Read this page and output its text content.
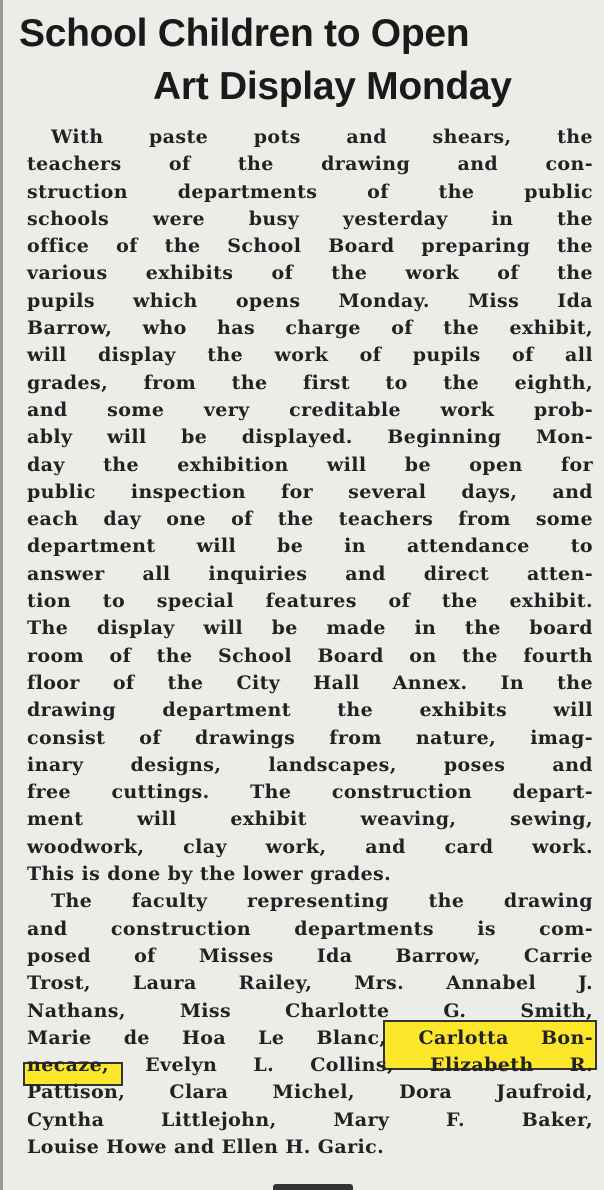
School Children to Open
Art Display Monday
With paste pots and shears, the
teachers of the drawing and con-
struction departments of the public
schools were busy yesterday in the
office of the School Board preparing the
various exhibits of the work of the
pupils which opens Monday. Miss Ida
Barrow, who has charge of the exhibit,
will display the work of pupils of all
grades, from the first to the eighth,
and some very creditable work prob-
ably will be displayed. Beginning Mon-
day the exhibition will be open for
public inspection for several days, and
each day one of the teachers from some
department will be in attendance to
answer all inquiries and direct atten-
tion to special features of the exhibit.
The display will be made in the board
room of the School Board on the fourth
floor of the City Hall Annex. In the
drawing department the exhibits will
consist of drawings from nature, imag-
inary designs, landscapes, poses and
free cuttings. The construction depart-
ment will exhibit weaving, sewing,
woodwork, clay work, and card work.
This is done by the lower grades.
The faculty representing the drawing
and construction departments is com-
posed of Misses Ida Barrow, Carrie
Trost, Laura Railey, Mrs. Annabel J.
Nathans, Miss Charlotte G. Smith,
Marie de Hoa Le Blanc, Carlotta Bon-
necaze, Evelyn L. Collins, Elizabeth R.
Pattison, Clara Michel, Dora Jaufroid,
Cyntha Littlejohn, Mary F. Baker,
Louise Howe and Ellen H. Garic.
